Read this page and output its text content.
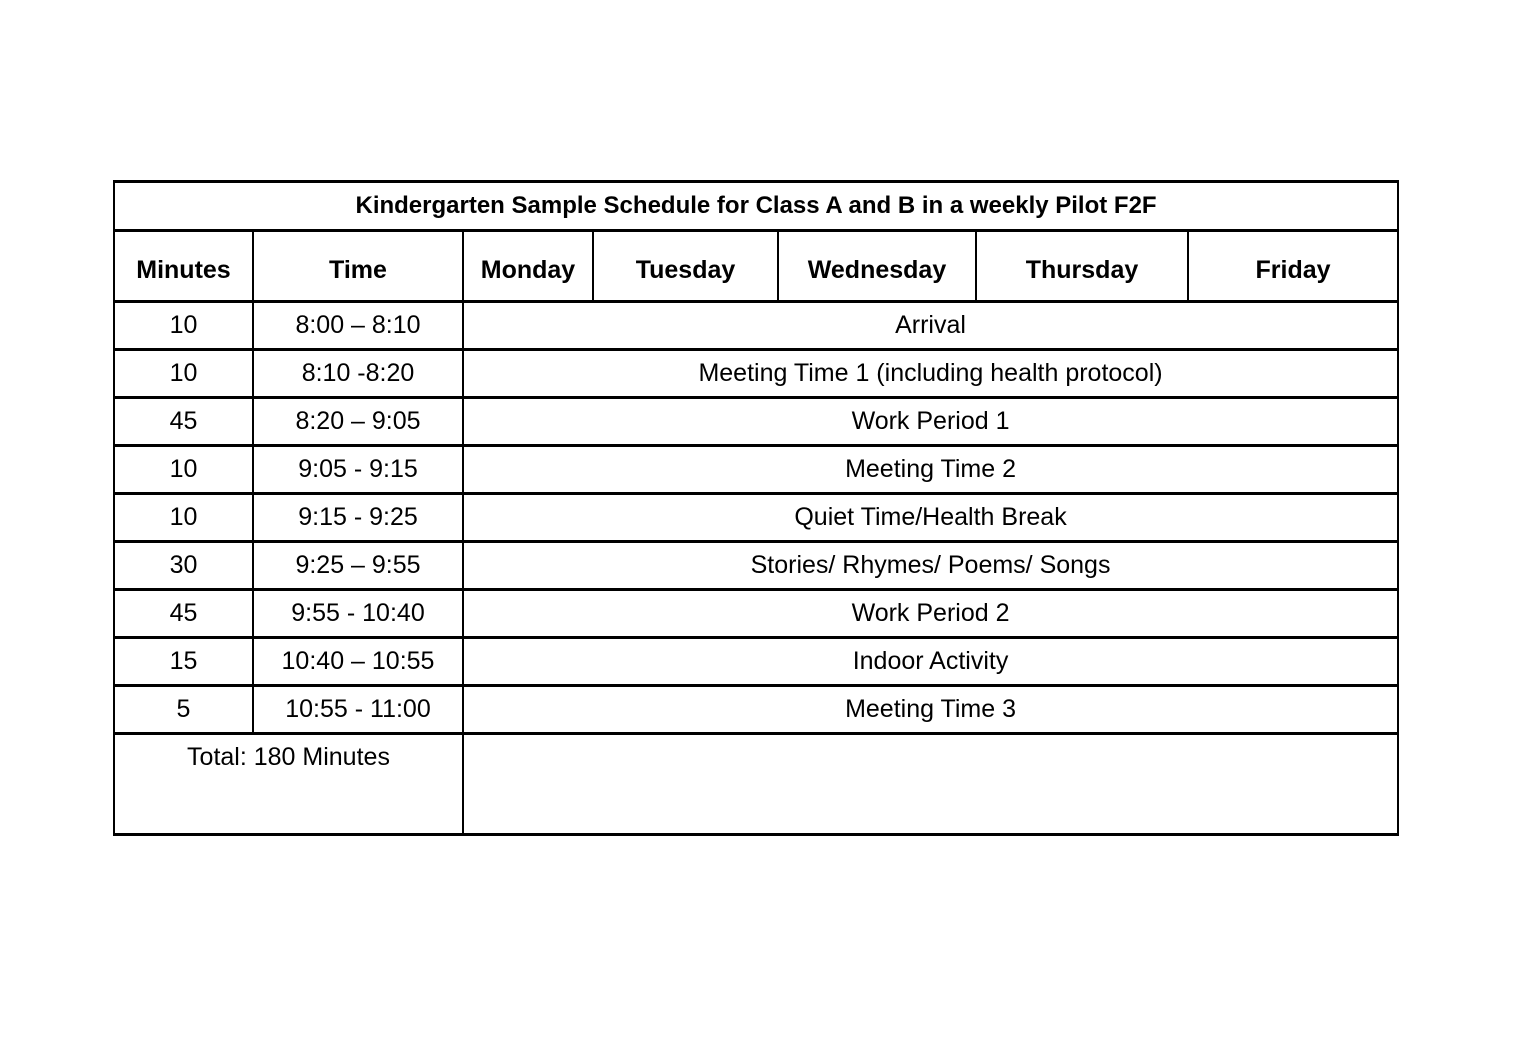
Kindergarten Sample Schedule for Class A and B in a weekly Pilot F2F						
Minutes	Time	Monday	Tuesday	Wednesday	Thursday	Friday
10	8:00 – 8:10	Arrival				
10	8:10 -8:20	Meeting Time 1 (including health protocol)				
45	8:20 – 9:05	Work Period 1				
10	9:05 - 9:15	Meeting Time 2				
10	9:15 - 9:25	Quiet Time/Health Break				
30	9:25 – 9:55	Stories/ Rhymes/ Poems/ Songs				
45	9:55 - 10:40	Work Period 2				
15	10:40 – 10:55	Indoor Activity				
5	10:55 - 11:00	Meeting Time 3				
Total: 180 Minutes						
